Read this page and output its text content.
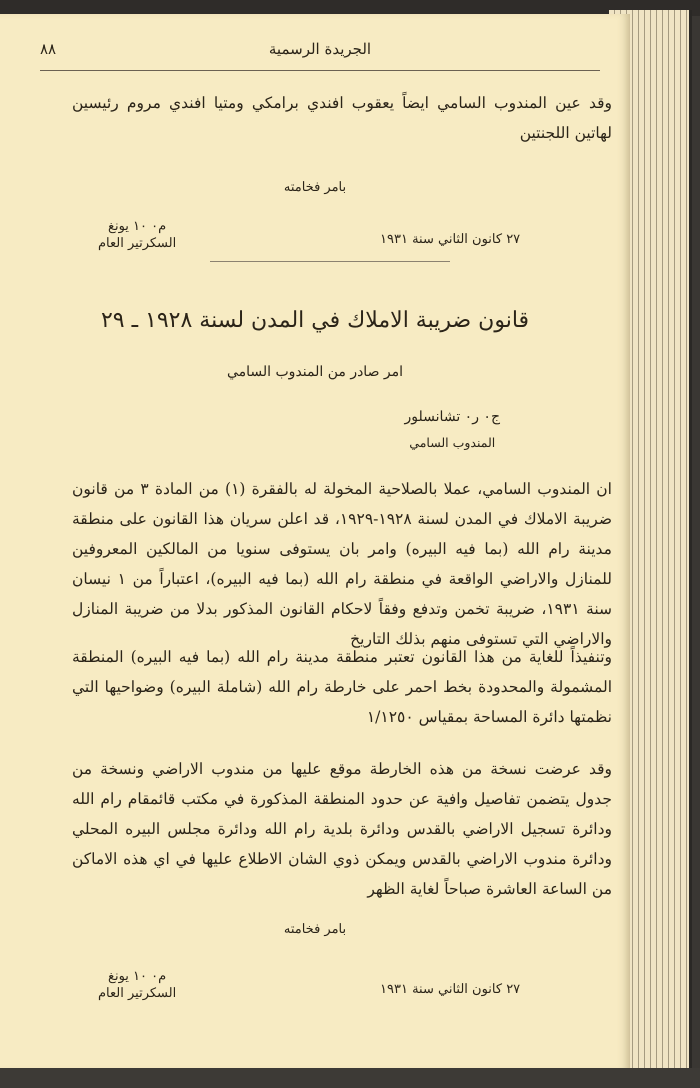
الجريدة الرسمية
٨٨
وقد عين المندوب السامي ايضاً يعقوب افندي برامكي ومتيا افندي مروم رئيسين لهاتين اللجنتين
بامر فخامته
م٠ ١٠ يونغ
السكرتير العام	٢٧ كانون الثاني سنة ١٩٣١
قانون ضريبة الاملاك في المدن لسنة ١٩٢٨ ـ ٢٩
امر صادر من المندوب السامي
ج٠ ر٠ تشانسلور
المندوب السامي
ان المندوب السامي، عملا بالصلاحية المخولة له بالفقرة (١) من المادة ٣ من قانون ضريبة الاملاك في المدن لسنة ١٩٢٨-١٩٢٩، قد اعلن سريان هذا القانون على منطقة مدينة رام الله (بما فيه البيره) وامر بان يستوفى سنويا من المالكين المعروفين للمنازل والاراضي الواقعة في منطقة رام الله (بما فيه البيره)، اعتباراً من ١ نيسان سنة ١٩٣١، ضريبة تخمن وتدفع وفقاً لاحكام القانون المذكور بدلا من ضريبة المنازل والاراضي التي تستوفى منهم بذلك التاريخ
وتنفيذاً للغاية من هذا القانون تعتبر منطقة مدينة رام الله (بما فيه البيره) المنطقة المشمولة والمحدودة بخط احمر على خارطة رام الله (شاملة البيره) وضواحيها التي نظمتها دائرة المساحة بمقياس ١/١٢٥٠
وقد عرضت نسخة من هذه الخارطة موقع عليها من مندوب الاراضي ونسخة من جدول يتضمن تفاصيل وافية عن حدود المنطقة المذكورة في مكتب قائمقام رام الله ودائرة تسجيل الاراضي بالقدس ودائرة بلدية رام الله ودائرة مجلس البيره المحلي ودائرة مندوب الاراضي بالقدس ويمكن ذوي الشان الاطلاع عليها في اي هذه الاماكن من الساعة العاشرة صباحاً لغاية الظهر
بامر فخامته
م٠ ١٠ يونغ
السكرتير العام	٢٧ كانون الثاني سنة ١٩٣١
